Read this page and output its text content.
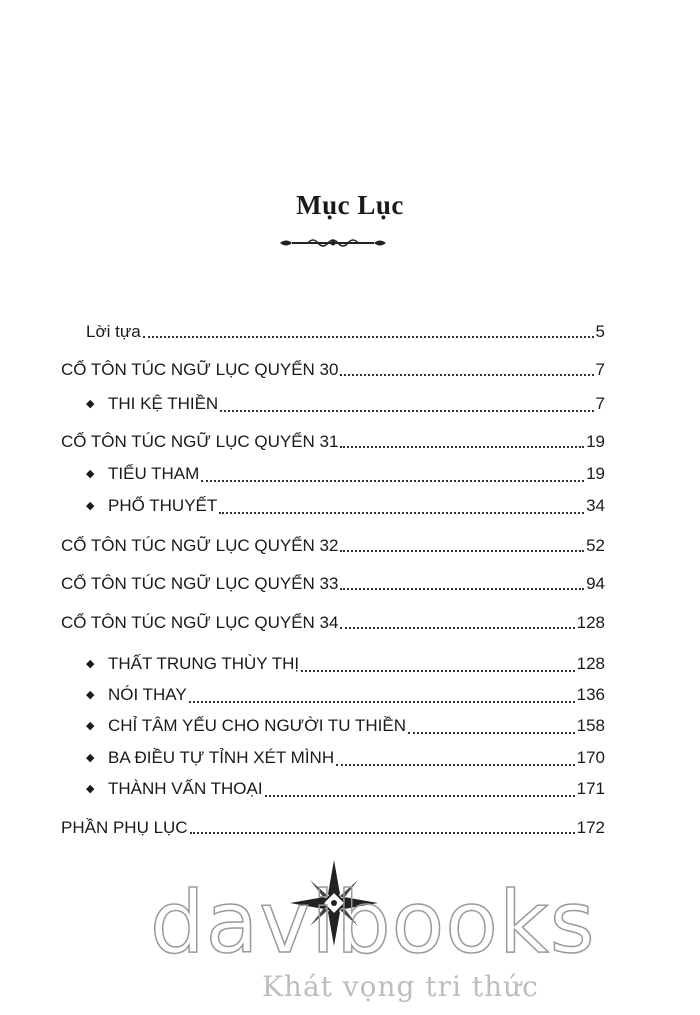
Mục Lục
Lời tựa	5
CỔ TÔN TÚC NGỮ LỤC QUYỂN 30	7
◆ THI KỆ THIỀN	7
CỔ TÔN TÚC NGỮ LỤC QUYỂN 31	19
◆ TIỂU THAM	19
◆ PHỔ THUYẾT	34
CỔ TÔN TÚC NGỮ LỤC QUYỂN 32	52
CỔ TÔN TÚC NGỮ LỤC QUYỂN 33	94
CỔ TÔN TÚC NGỮ LỤC QUYỂN 34	128
◆ THẤT TRUNG THÙY THỊ	128
◆ NÓI THAY	136
◆ CHỈ TÂM YẾU CHO NGƯỜI TU THIỀN	158
◆ BA ĐIỀU TỰ TỈNH XÉT MÌNH	170
◆ THÀNH VẤN THOẠI	171
PHẦN PHỤ LỤC	172
davibooks
Khát vọng tri thức
